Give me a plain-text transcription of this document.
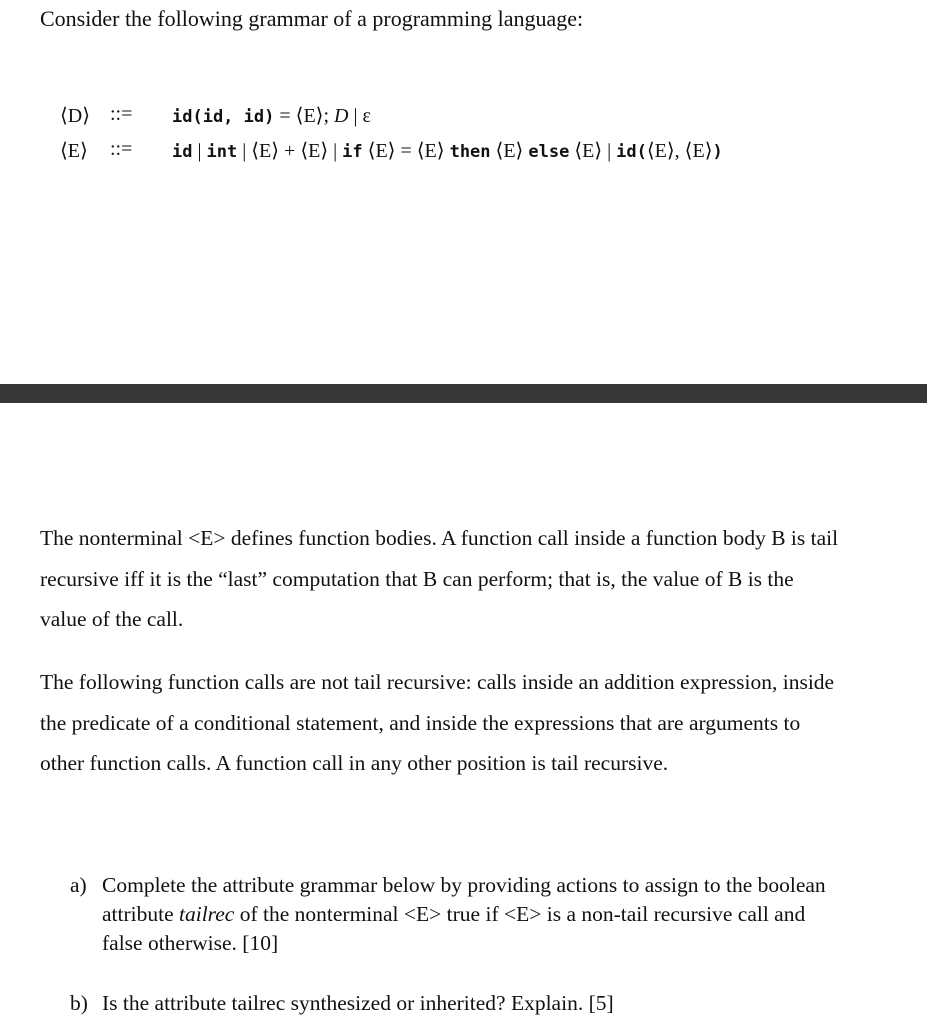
Consider the following grammar of a programming language:
⟨D⟩ ::= id(id, id) = ⟨E⟩; D | ε
⟨E⟩ ::= id | int | ⟨E⟩ + ⟨E⟩ | if ⟨E⟩ = ⟨E⟩ then ⟨E⟩ else ⟨E⟩ | id(⟨E⟩, ⟨E⟩)

The nonterminal <E> defines function bodies. A function call inside a function body B is tail recursive iff it is the “last” computation that B can perform; that is, the value of B is the value of the call.

The following function calls are not tail recursive: calls inside an addition expression, inside the predicate of a conditional statement, and inside the expressions that are arguments to other function calls. A function call in any other position is tail recursive.

a) Complete the attribute grammar below by providing actions to assign to the boolean attribute tailrec of the nonterminal <E> true if <E> is a non-tail recursive call and false otherwise. [10]
b) Is the attribute tailrec synthesized or inherited? Explain. [5]
